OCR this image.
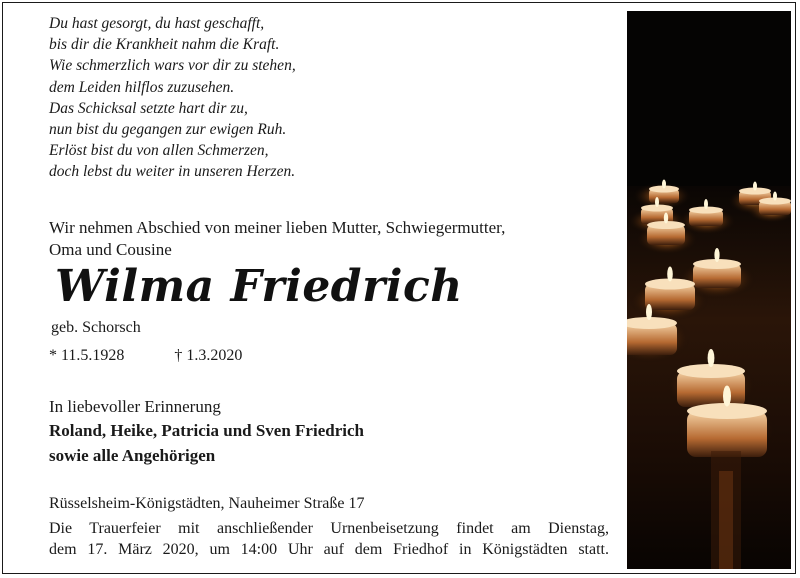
Du hast gesorgt, du hast geschafft,
bis dir die Krankheit nahm die Kraft.
Wie schmerzlich wars vor dir zu stehen,
dem Leiden hilflos zuzusehen.
Das Schicksal setzte hart dir zu,
nun bist du gegangen zur ewigen Ruh.
Erlöst bist du von allen Schmerzen,
doch lebst du weiter in unseren Herzen.
Wir nehmen Abschied von meiner lieben Mutter, Schwiegermutter,
Oma und Cousine
Wilma Friedrich
geb. Schorsch
* 11.5.1928	† 1.3.2020
In liebevoller Erinnerung
Roland, Heike, Patricia und Sven Friedrich
sowie alle Angehörigen
Rüsselsheim-Königstädten, Nauheimer Straße 17
Die Trauerfeier mit anschließender Urnenbeisetzung findet am Dienstag,
dem 17. März 2020, um 14:00 Uhr auf dem Friedhof in Königstädten statt.
